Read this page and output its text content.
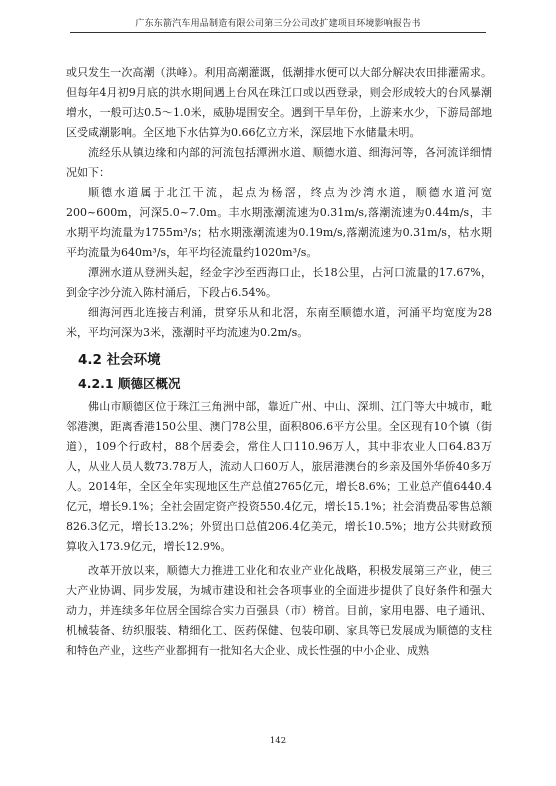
广东东箭汽车用品制造有限公司第三分公司改扩建项目环境影响报告书

或只发生一次高潮（洪峰）。利用高潮灌溉，低潮排水便可以大部分解决农田排灌需求。但每年4月初9月底的洪水期间遇上台风在珠江口或以西登录，则会形成较大的台风暴潮增水，一般可达0.5～1.0米，威胁堤围安全。遇到干旱年份，上游来水少，下游局部地区受咸潮影响。全区地下水估算为0.66亿立方米，深层地下水储量未明。

流经乐从镇边缘和内部的河流包括潭洲水道、顺德水道、细海河等，各河流详细情况如下：

顺德水道属于北江干流，起点为杨滘，终点为沙湾水道，顺德水道河宽200~600m，河深5.0~7.0m。丰水期涨潮流速为0.31m/s,落潮流速为0.44m/s，丰水期平均流量为1755m³/s；枯水期涨潮流速为0.19m/s,落潮流速为0.31m/s，枯水期平均流量为640m³/s，年平均径流量约1020m³/s。

潭洲水道从登洲头起，经金字沙至西海口止，长18公里，占河口流量的17.67%，到金字沙分流入陈村涌后，下段占6.54%。

细海河西北连接吉利涌，贯穿乐从和北滘，东南至顺德水道，河涌平均宽度为28米，平均河深为3米，涨潮时平均流速为0.2m/s。

4.2 社会环境
4.2.1 顺德区概况

佛山市顺德区位于珠江三角洲中部，靠近广州、中山、深圳、江门等大中城市，毗邻港澳，距离香港150公里、澳门78公里，面积806.6平方公里。全区现有10个镇（街道），109个行政村，88个居委会，常住人口110.96万人，其中非农业人口64.83万人，从业人员人数73.78万人，流动人口60万人，旅居港澳台的乡亲及国外华侨40多万人。2014年，全区全年实现地区生产总值2765亿元，增长8.6%；工业总产值6440.4亿元，增长9.1%；全社会固定资产投资550.4亿元，增长15.1%；社会消费品零售总额826.3亿元，增长13.2%；外贸出口总值206.4亿美元，增长10.5%；地方公共财政预算收入173.9亿元，增长12.9%。

改革开放以来，顺德大力推进工业化和农业产业化战略，积极发展第三产业，使三大产业协调、同步发展，为城市建设和社会各项事业的全面进步提供了良好条件和强大动力，并连续多年位居全国综合实力百强县（市）榜首。目前，家用电器、电子通讯、机械装备、纺织服装、精细化工、医药保健、包装印刷、家具等已发展成为顺德的支柱和特色产业，这些产业都拥有一批知名大企业、成长性强的中小企业、成熟

142
